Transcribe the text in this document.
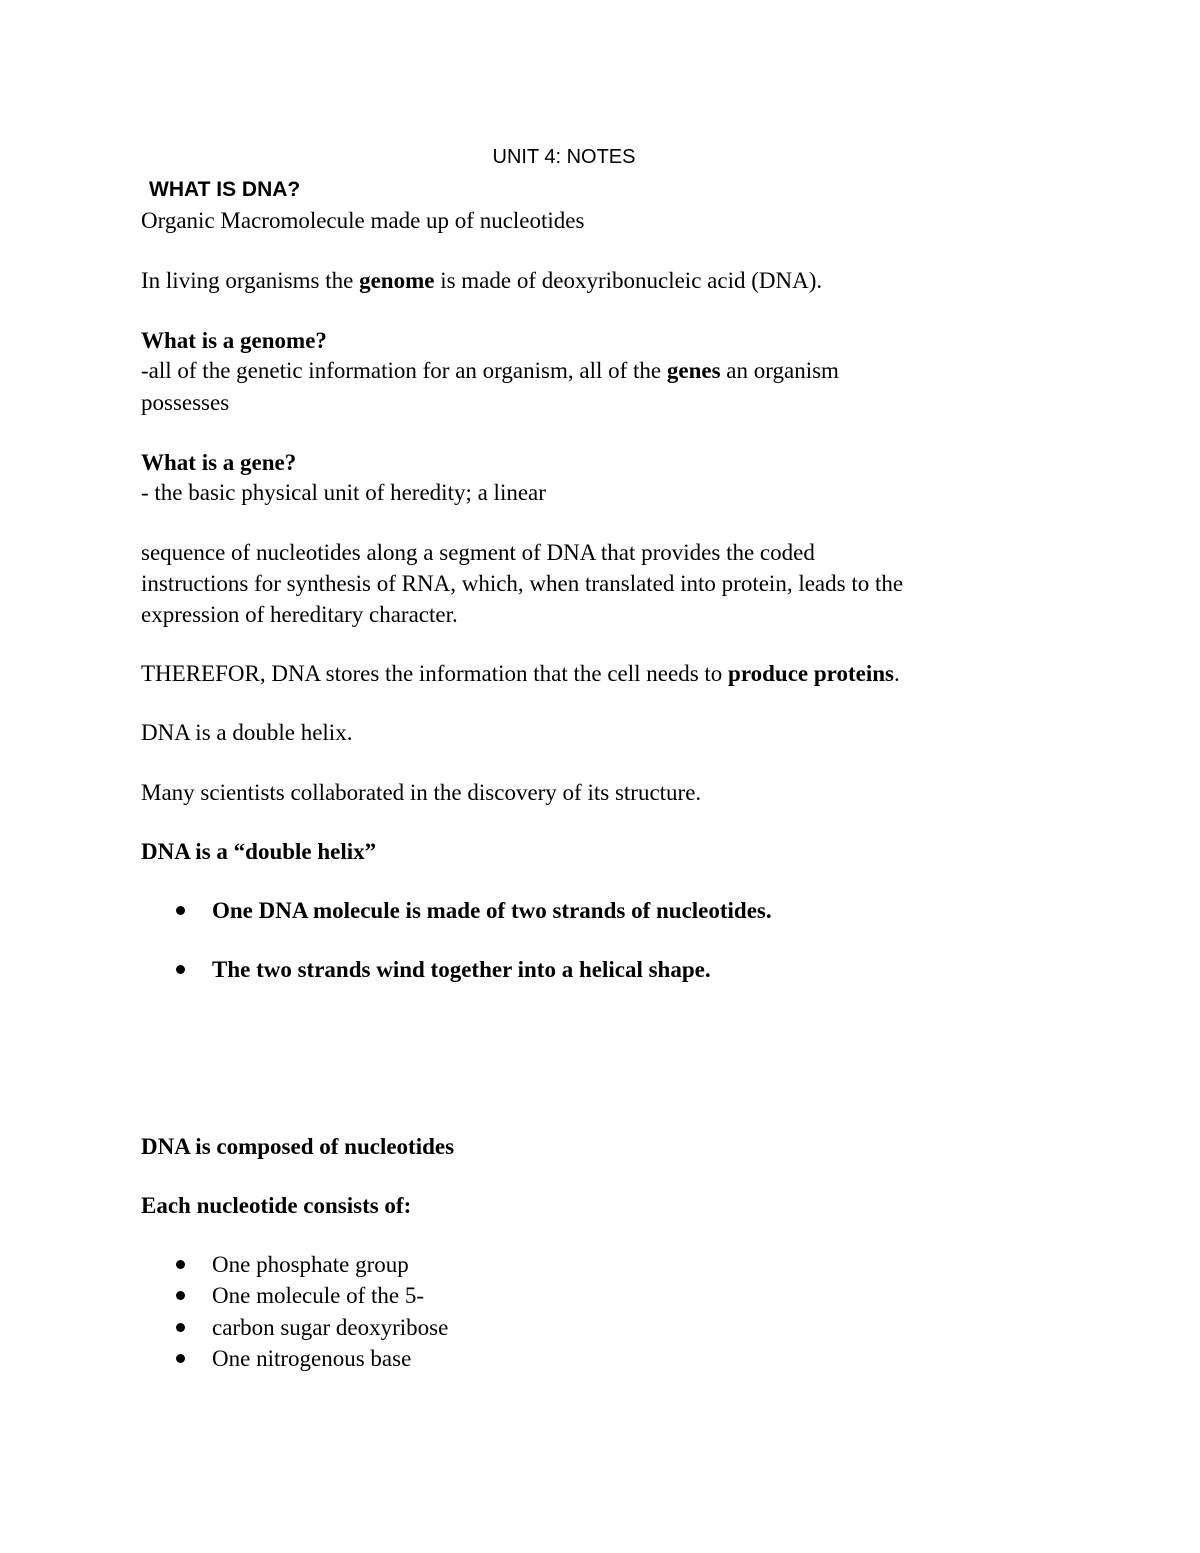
UNIT 4: NOTES
WHAT IS DNA?
Organic Macromolecule made up of nucleotides
In living organisms the genome is made of deoxyribonucleic acid (DNA).
What is a genome?
-all of the genetic information for an organism, all of the genes an organism
possesses
What is a gene?
- the basic physical unit of heredity; a linear
sequence of nucleotides along a segment of DNA that provides the coded
instructions for synthesis of RNA, which, when translated into protein, leads to the
expression of hereditary character.
THEREFOR, DNA stores the information that the cell needs to produce proteins.
DNA is a double helix.
Many scientists collaborated in the discovery of its structure.
DNA is a “double helix”
One DNA molecule is made of two strands of nucleotides.
The two strands wind together into a helical shape.
DNA is composed of nucleotides
Each nucleotide consists of:
One phosphate group
One molecule of the 5-
carbon sugar deoxyribose
One nitrogenous base
